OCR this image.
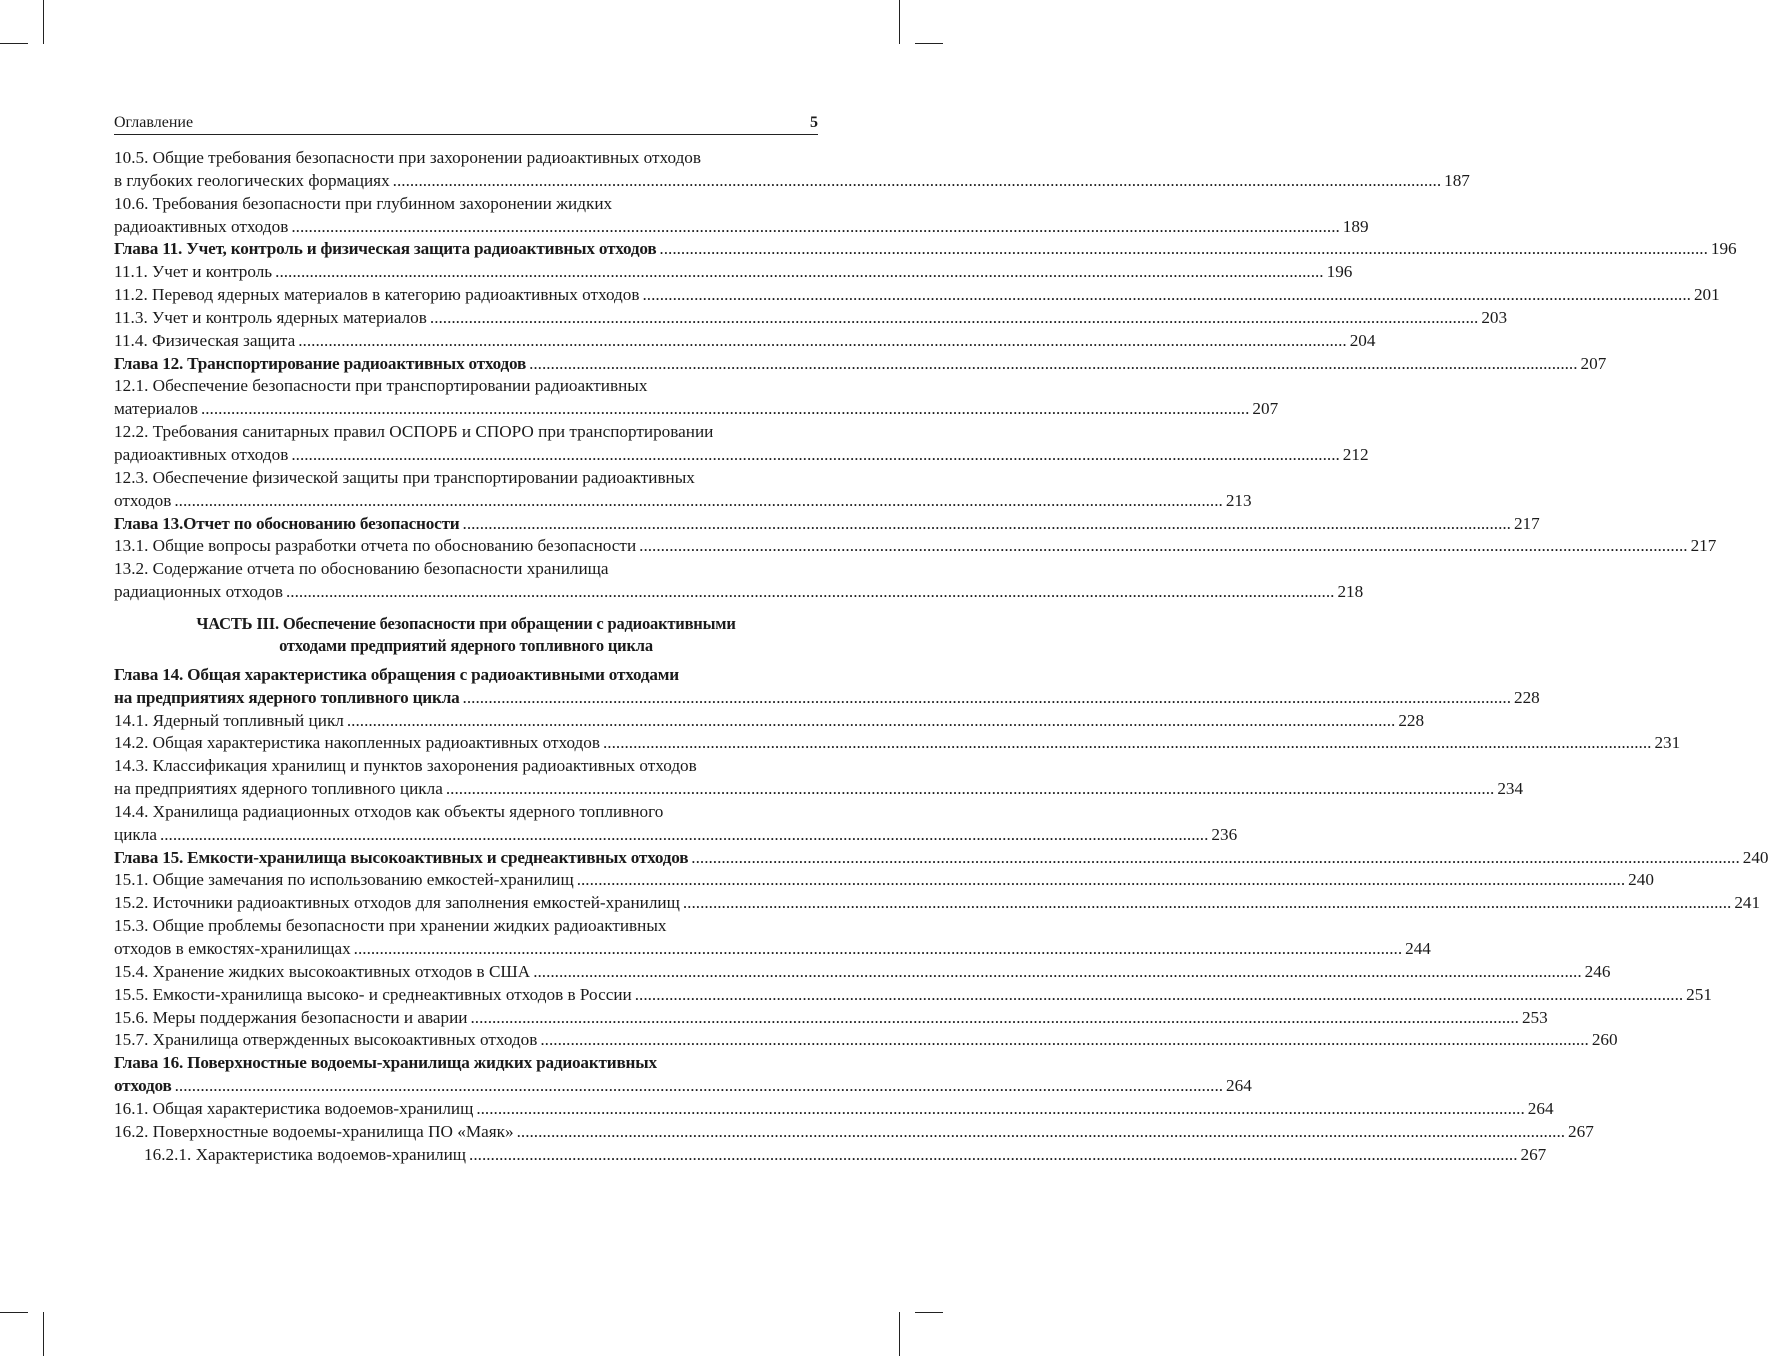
Оглавление	5
10.5. Общие требования безопасности при захоронении радиоактивных отходов
в глубоких геологических формациях .................................................................................................................................................................................................................................................... 187
10.6. Требования безопасности при глубинном захоронении жидких
радиоактивных отходов .................................................................................................................................................................................................................................................... 189
Глава 11. Учет, контроль и физическая защита радиоактивных отходов .................................................................................................................................................................................................................................................... 196
11.1. Учет и контроль .................................................................................................................................................................................................................................................... 196
11.2. Перевод ядерных материалов в категорию радиоактивных отходов .................................................................................................................................................................................................................................................... 201
11.3. Учет и контроль ядерных материалов .................................................................................................................................................................................................................................................... 203
11.4. Физическая защита .................................................................................................................................................................................................................................................... 204
Глава 12. Транспортирование радиоактивных отходов .................................................................................................................................................................................................................................................... 207
12.1. Обеспечение безопасности при транспортировании радиоактивных
материалов .................................................................................................................................................................................................................................................... 207
12.2. Требования санитарных правил ОСПОРБ и СПОРО при транспортировании
радиоактивных отходов .................................................................................................................................................................................................................................................... 212
12.3. Обеспечение физической защиты при транспортировании радиоактивных
отходов .................................................................................................................................................................................................................................................... 213
Глава 13.Отчет по обоснованию безопасности .................................................................................................................................................................................................................................................... 217
13.1. Общие вопросы разработки отчета по обоснованию безопасности .................................................................................................................................................................................................................................................... 217
13.2. Содержание отчета по обоснованию безопасности хранилища
радиационных отходов .................................................................................................................................................................................................................................................... 218
ЧАСТЬ III. Обеспечение безопасности при обращении с радиоактивными
отходами предприятий ядерного топливного цикла
Глава 14. Общая характеристика обращения с радиоактивными отходами
на предприятиях ядерного топливного цикла .................................................................................................................................................................................................................................................... 228
14.1. Ядерный топливный цикл .................................................................................................................................................................................................................................................... 228
14.2. Общая характеристика накопленных радиоактивных отходов .................................................................................................................................................................................................................................................... 231
14.3. Классификация хранилищ и пунктов захоронения радиоактивных отходов
на предприятиях ядерного топливного цикла .................................................................................................................................................................................................................................................... 234
14.4. Хранилища радиационных отходов как объекты ядерного топливного
цикла .................................................................................................................................................................................................................................................... 236
Глава 15. Емкости-хранилища высокоактивных и среднеактивных отходов .................................................................................................................................................................................................................................................... 240
15.1. Общие замечания по использованию емкостей-хранилищ .................................................................................................................................................................................................................................................... 240
15.2. Источники радиоактивных отходов для заполнения емкостей-хранилищ .................................................................................................................................................................................................................................................... 241
15.3. Общие проблемы безопасности при хранении жидких радиоактивных
отходов в емкостях-хранилищах .................................................................................................................................................................................................................................................... 244
15.4. Хранение жидких высокоактивных отходов в США .................................................................................................................................................................................................................................................... 246
15.5. Емкости-хранилища высоко- и среднеактивных отходов в России .................................................................................................................................................................................................................................................... 251
15.6. Меры поддержания безопасности и аварии .................................................................................................................................................................................................................................................... 253
15.7. Хранилища отвержденных высокоактивных отходов .................................................................................................................................................................................................................................................... 260
Глава 16. Поверхностные водоемы-хранилища жидких радиоактивных
отходов .................................................................................................................................................................................................................................................... 264
16.1. Общая характеристика водоемов-хранилищ .................................................................................................................................................................................................................................................... 264
16.2. Поверхностные водоемы-хранилища ПО «Маяк» .................................................................................................................................................................................................................................................... 267
16.2.1. Характеристика водоемов-хранилищ .................................................................................................................................................................................................................................................... 267
